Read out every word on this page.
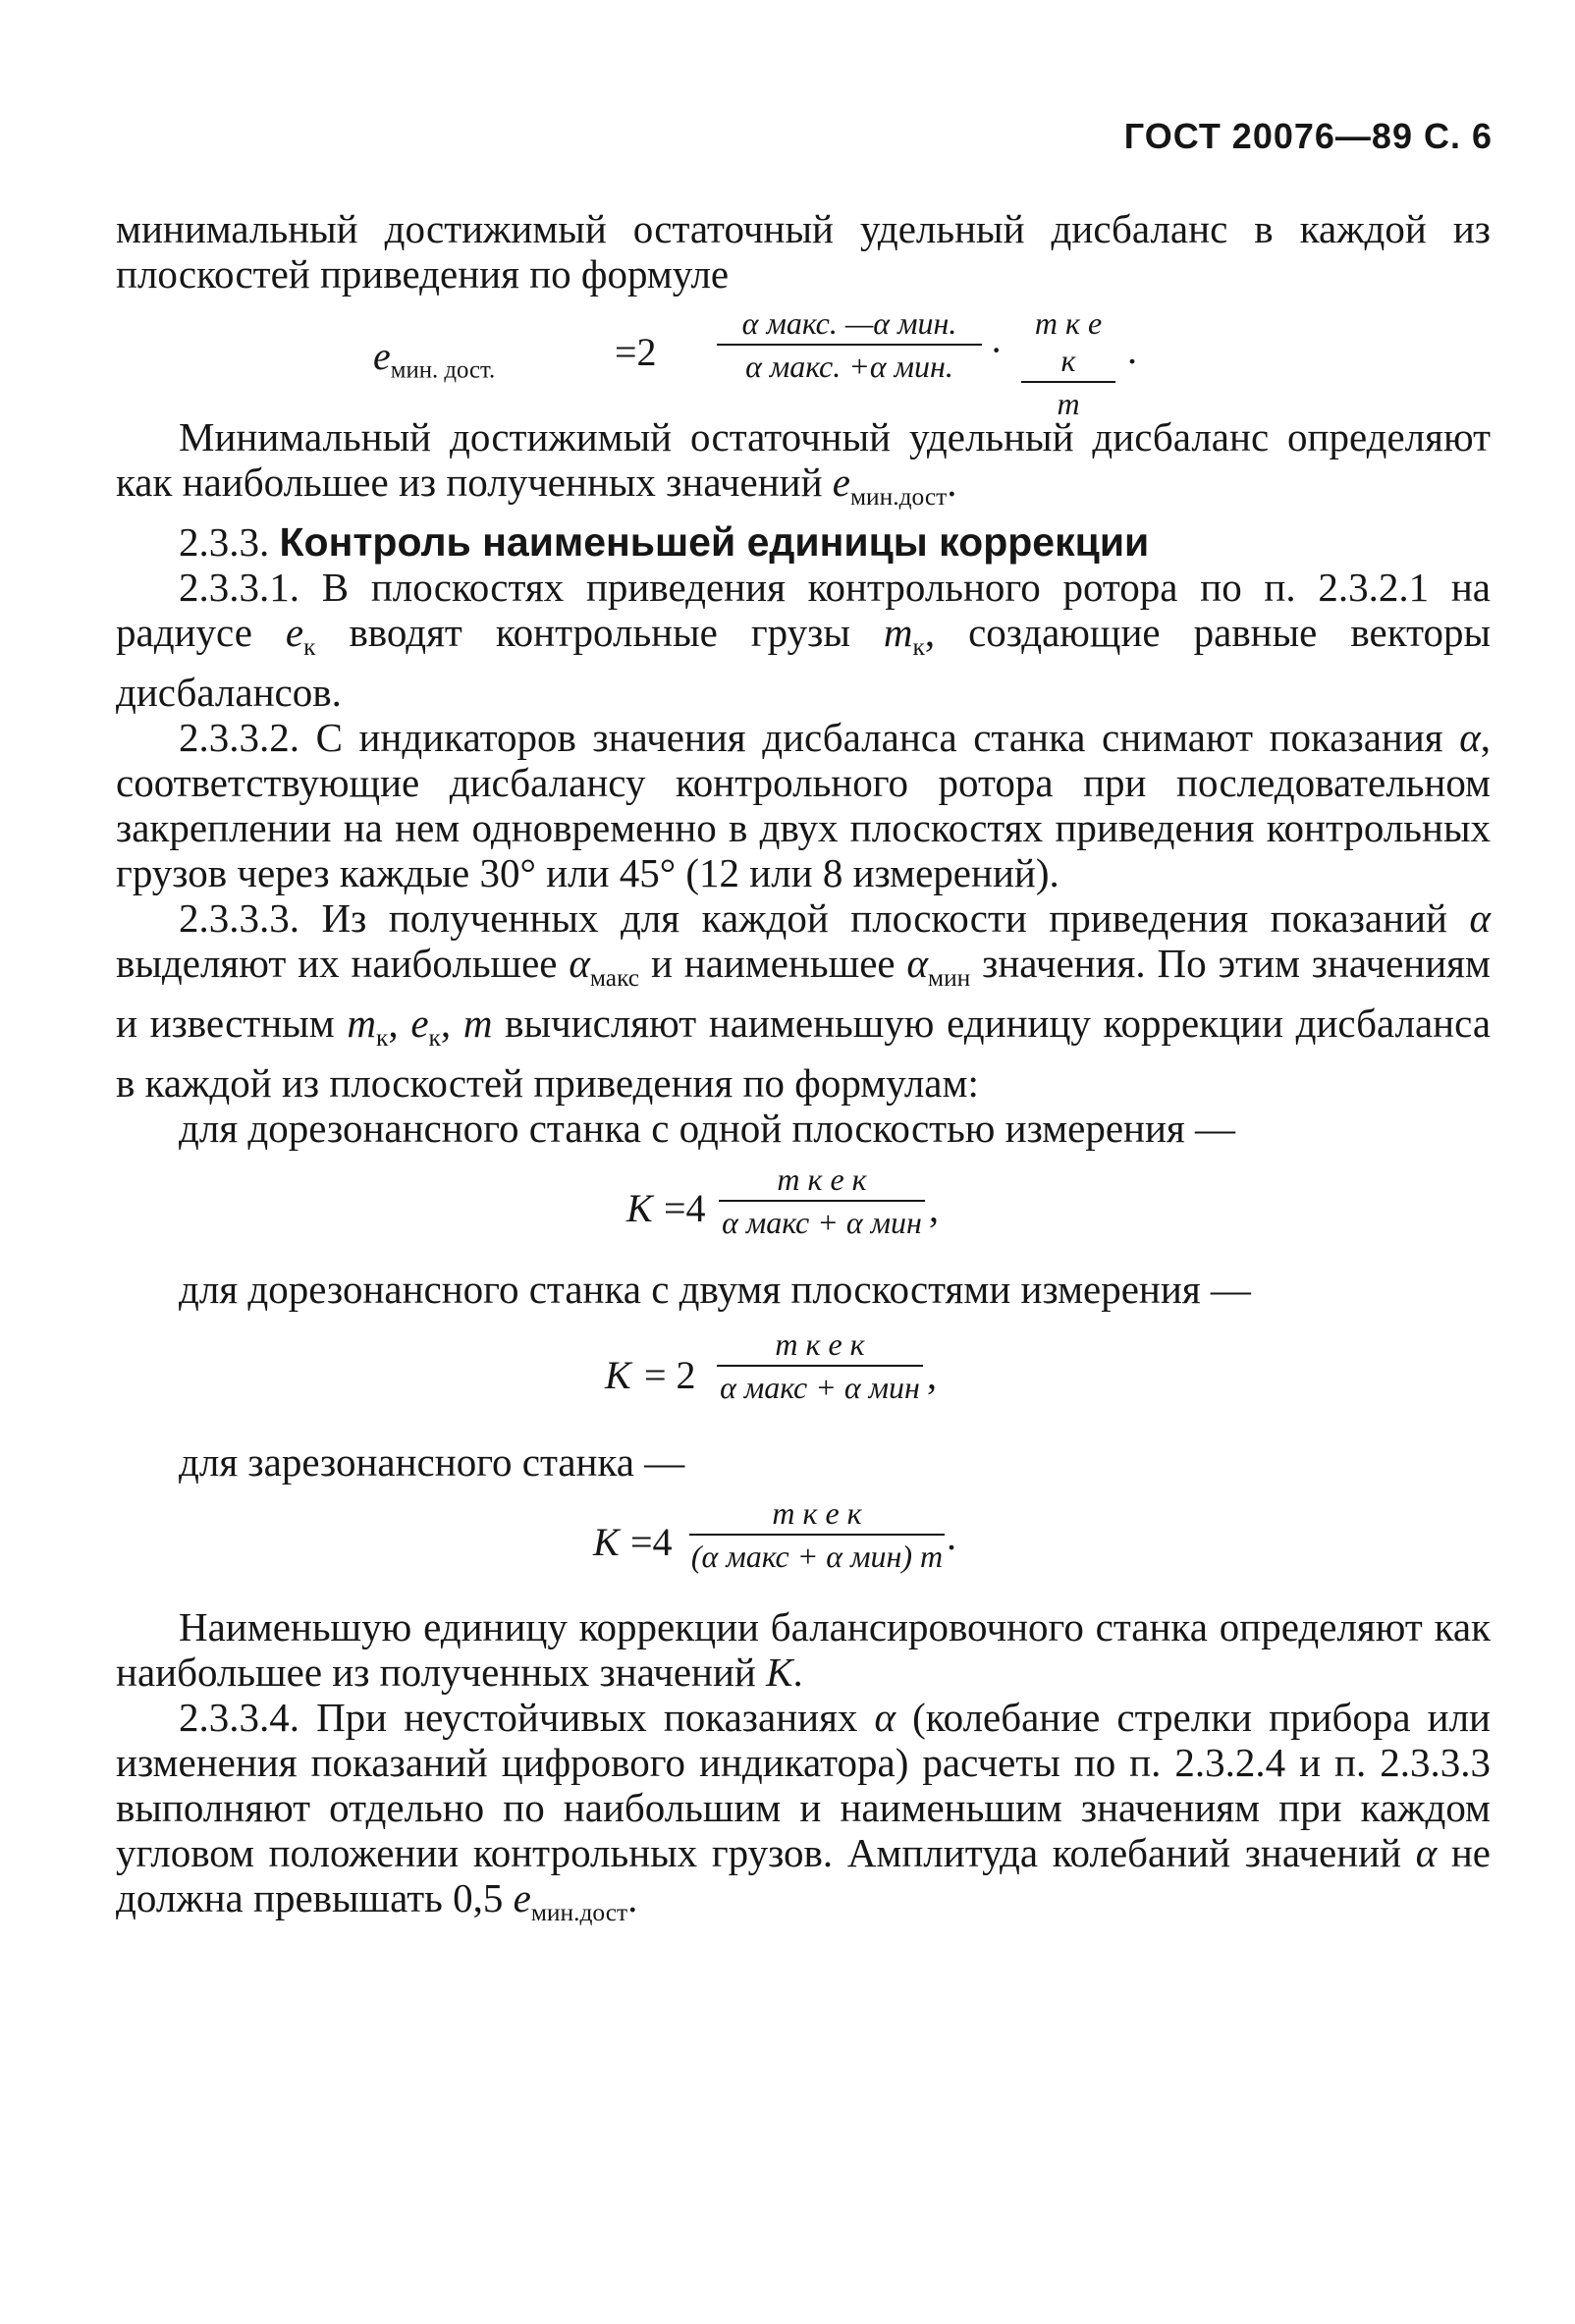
ГОСТ 20076—89 С. 6

минимальный достижимый остаточный удельный дисбаланс в каждой из плоскостей приведения по формуле

$e_{мин. дост.}$	=2
α макс. —α мин.
α макс. +α мин. ·
m к e к
m
.

Минимальный достижимый остаточный удельный дисбаланс определяют как наибольшее из полученных значений $e_{мин.дост}$.

2.3.3. Контроль наименьшей единицы коррекции

2.3.3.1. В плоскостях приведения контрольного ротора по п. 2.3.2.1 на радиусе $e_к$ вводят контрольные грузы $m_к$, создающие равные векторы дисбалансов.

2.3.3.2. С индикаторов значения дисбаланса станка снимают показания α, соответствующие дисбалансу контрольного ротора при последовательном закреплении на нем одновременно в двух плоскостях приведения контрольных грузов через каждые 30° или 45° (12 или 8 измерений).

2.3.3.3. Из полученных для каждой плоскости приведения показаний α выделяют их наибольшее $\alpha_{макс}$ и наименьшее $\alpha_{мин}$ значения. По этим значениям и известным $m_к$, $e_к$, m вычисляют наименьшую единицу коррекции дисбаланса в каждой из плоскостей приведения по формулам:

для дорезонансного станка с одной плоскостью измерения —

K =4
m к e к
α макс + α мин ,

для дорезонансного станка с двумя плоскостями измерения —

K = 2
m к e к
α макс + α мин ,

для зарезонансного станка —

K =4
m к e к
(α макс + α мин) m .

Наименьшую единицу коррекции балансировочного станка определяют как наибольшее из полученных значений K.

2.3.3.4. При неустойчивых показаниях α (колебание стрелки прибора или изменения показаний цифрового индикатора) расчеты по п. 2.3.2.4 и п. 2.3.3.3 выполняют отдельно по наибольшим и наименьшим значениям при каждом угловом положении контрольных грузов. Амплитуда колебаний значений α не должна превышать 0,5 $e_{мин.дост}$.
